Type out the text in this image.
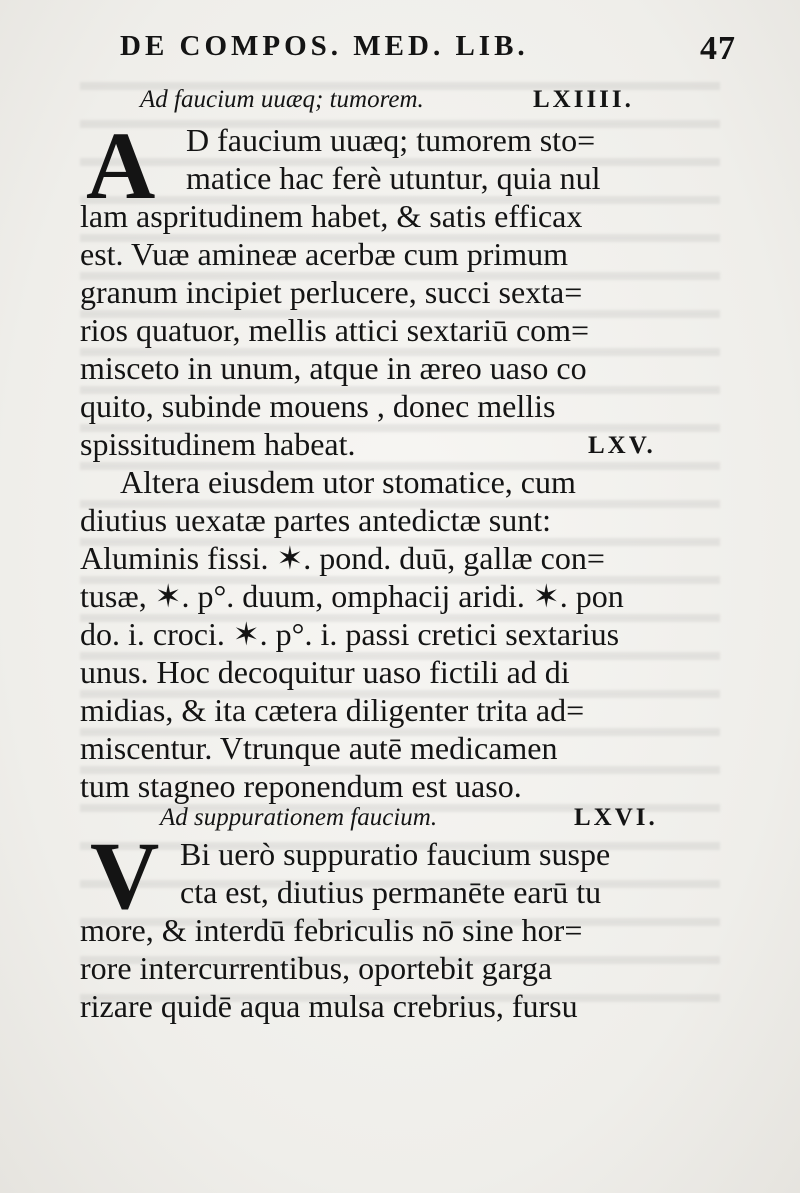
DE COMPOS. MED. LIB.	47
Ad faucium uuæq; tumorem.	LXIIII.
A D faucium uuæq; tumorem sto=
matice hac ferè utuntur, quia nul
lam aspritudinem habet, & satis efficax
est. Vuæ amineæ acerbæ cum primum
granum incipiet perlucere, succi sexta=
rios quatuor, mellis attici sextariū com=
misceto in unum, atque in æreo uaso co
quito, subinde mouens , donec mellis
spissitudinem habeat.	LXV.
Altera eiusdem utor stomatice, cum
diutius uexatæ partes antedictæ sunt:
Aluminis fissi. ✶. pond. duū, gallæ con=
tusæ, ✶. p°. duum, omphacij aridi. ✶. pon
do. i. croci. ✶. p°. i. passi cretici sextarius
unus. Hoc decoquitur uaso fictili ad di
midias, & ita cætera diligenter trita ad=
miscentur. Vtrunque autē medicamen
tum stagneo reponendum est uaso.
Ad suppurationem faucium.	LXVI.
V Bi uerò suppuratio faucium suspe
cta est, diutius permanēte earū tu
more, & interdū febriculis nō sine hor=
rore intercurrentibus, oportebit garga
rizare quidē aqua mulsa crebrius, fursu
